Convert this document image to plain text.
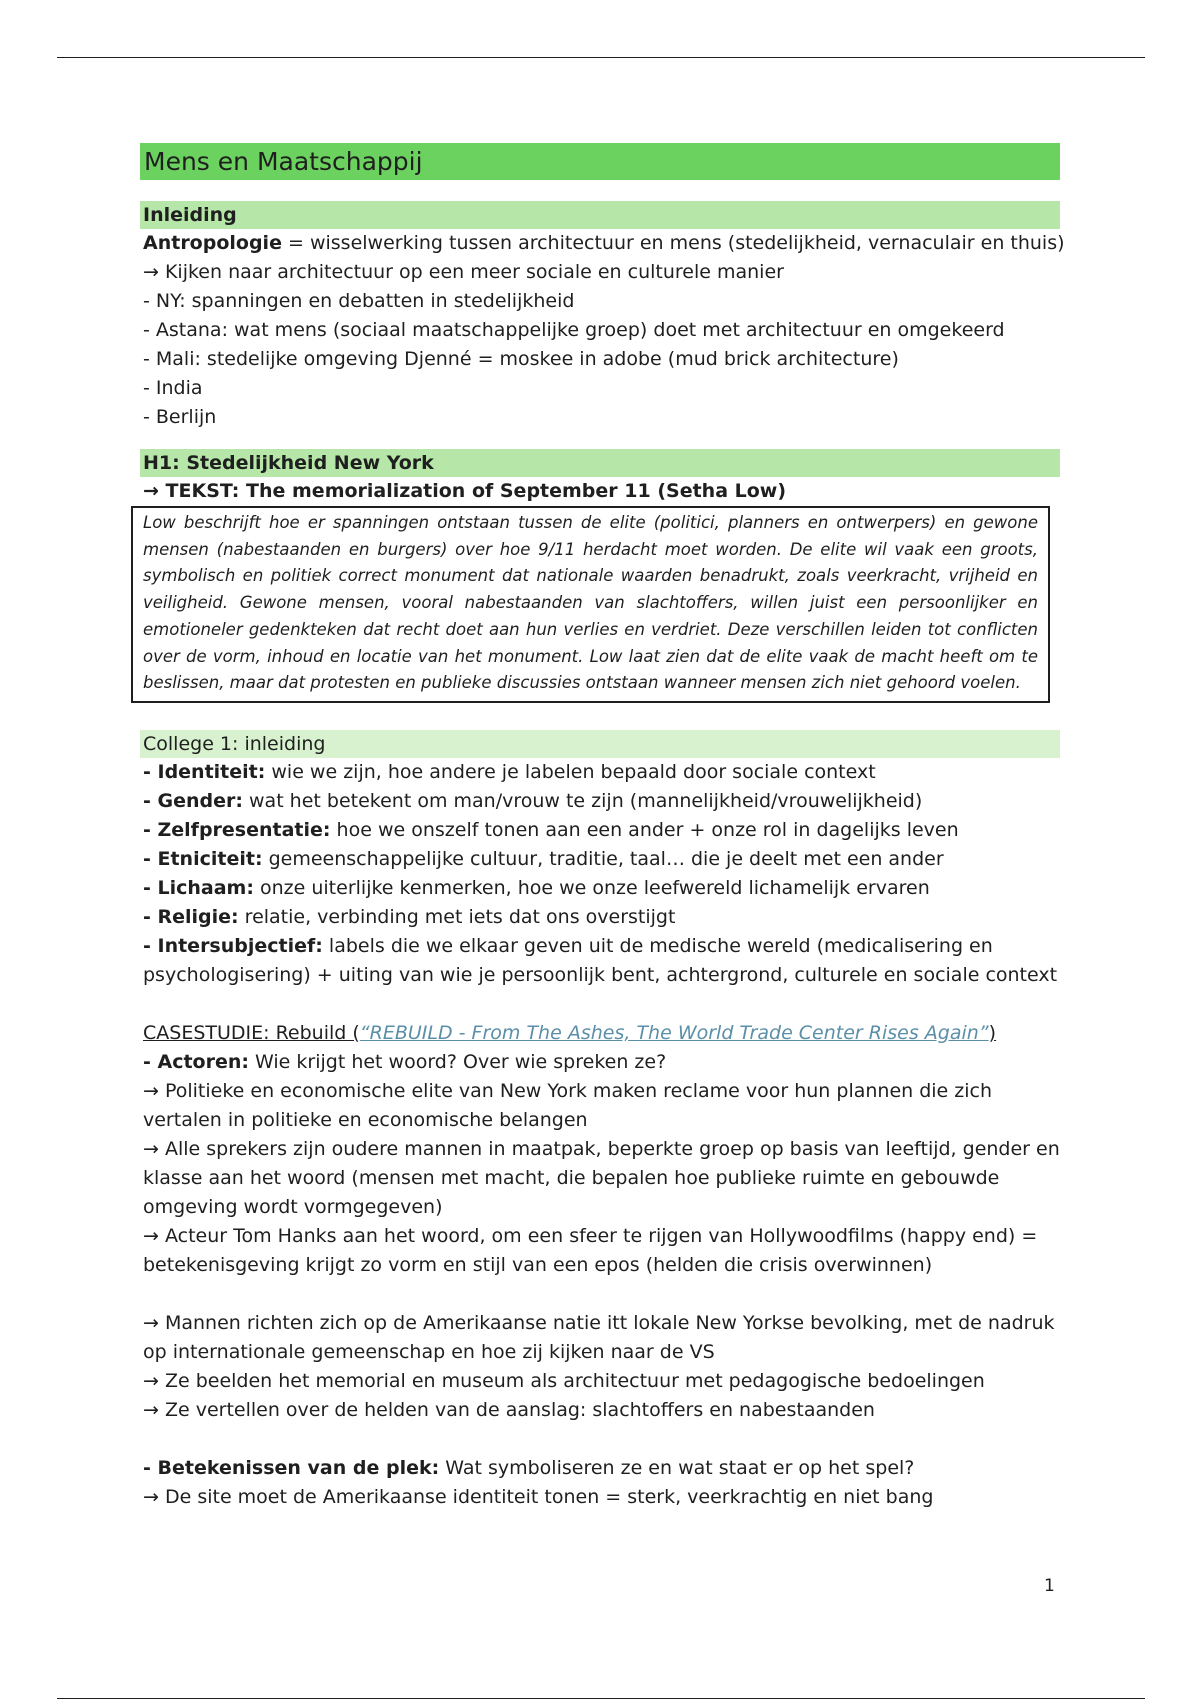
Mens en Maatschappij
Inleiding
Antropologie = wisselwerking tussen architectuur en mens (stedelijkheid, vernaculair en thuis)
→ Kijken naar architectuur op een meer sociale en culturele manier
- NY: spanningen en debatten in stedelijkheid
- Astana: wat mens (sociaal maatschappelijke groep) doet met architectuur en omgekeerd
- Mali: stedelijke omgeving Djenné = moskee in adobe (mud brick architecture)
- India
- Berlijn
H1: Stedelijkheid New York
→ TEKST: The memorialization of September 11 (Setha Low)
Low beschrijft hoe er spanningen ontstaan tussen de elite (politici, planners en ontwerpers) en gewone mensen (nabestaanden en burgers) over hoe 9/11 herdacht moet worden. De elite wil vaak een groots, symbolisch en politiek correct monument dat nationale waarden benadrukt, zoals veerkracht, vrijheid en veiligheid. Gewone mensen, vooral nabestaanden van slachtoffers, willen juist een persoonlijker en emotioneler gedenkteken dat recht doet aan hun verlies en verdriet. Deze verschillen leiden tot conflicten over de vorm, inhoud en locatie van het monument. Low laat zien dat de elite vaak de macht heeft om te beslissen, maar dat protesten en publieke discussies ontstaan wanneer mensen zich niet gehoord voelen.
College 1: inleiding
- Identiteit: wie we zijn, hoe andere je labelen bepaald door sociale context
- Gender: wat het betekent om man/vrouw te zijn (mannelijkheid/vrouwelijkheid)
- Zelfpresentatie: hoe we onszelf tonen aan een ander + onze rol in dagelijks leven
- Etniciteit: gemeenschappelijke cultuur, traditie, taal… die je deelt met een ander
- Lichaam: onze uiterlijke kenmerken, hoe we onze leefwereld lichamelijk ervaren
- Religie: relatie, verbinding met iets dat ons overstijgt
- Intersubjectief: labels die we elkaar geven uit de medische wereld (medicalisering en psychologisering) + uiting van wie je persoonlijk bent, achtergrond, culturele en sociale context
CASESTUDIE: Rebuild (“REBUILD - From The Ashes, The World Trade Center Rises Again”)
- Actoren: Wie krijgt het woord? Over wie spreken ze?
→ Politieke en economische elite van New York maken reclame voor hun plannen die zich vertalen in politieke en economische belangen
→ Alle sprekers zijn oudere mannen in maatpak, beperkte groep op basis van leeftijd, gender en klasse aan het woord (mensen met macht, die bepalen hoe publieke ruimte en gebouwde omgeving wordt vormgegeven)
→ Acteur Tom Hanks aan het woord, om een sfeer te rijgen van Hollywoodfilms (happy end) = betekenisgeving krijgt zo vorm en stijl van een epos (helden die crisis overwinnen)
→ Mannen richten zich op de Amerikaanse natie itt lokale New Yorkse bevolking, met de nadruk op internationale gemeenschap en hoe zij kijken naar de VS
→ Ze beelden het memorial en museum als architectuur met pedagogische bedoelingen
→ Ze vertellen over de helden van de aanslag: slachtoffers en nabestaanden
- Betekenissen van de plek: Wat symboliseren ze en wat staat er op het spel?
→ De site moet de Amerikaanse identiteit tonen = sterk, veerkrachtig en niet bang
1
